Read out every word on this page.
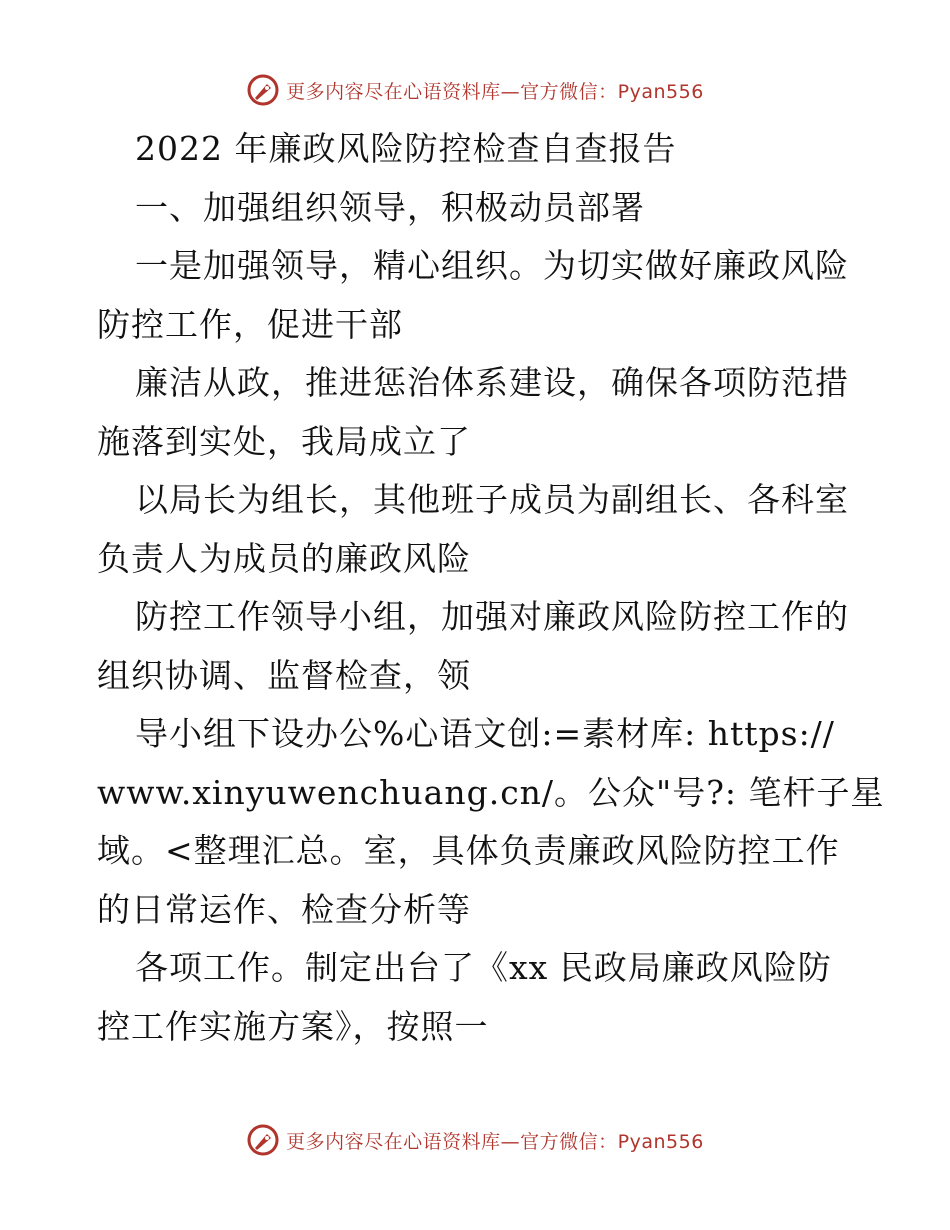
更多内容尽在心语资料库—官方微信：Pyan556
2022 年廉政风险防控检查自查报告
一、加强组织领导，积极动员部署
一是加强领导，精心组织。为切实做好廉政风险
防控工作，促进干部
廉洁从政，推进惩治体系建设，确保各项防范措
施落到实处，我局成立了
以局长为组长，其他班子成员为副组长、各科室
负责人为成员的廉政风险
防控工作领导小组，加强对廉政风险防控工作的
组织协调、监督检查，领
导小组下设办公%心语文创:=素材库: https://
www.xinyuwenchuang.cn/。公众"号?: 笔杆子星
域。<整理汇总。室，具体负责廉政风险防控工作
的日常运作、检查分析等
各项工作。制定出台了《xx 民政局廉政风险防
控工作实施方案》，按照一
更多内容尽在心语资料库—官方微信：Pyan556
